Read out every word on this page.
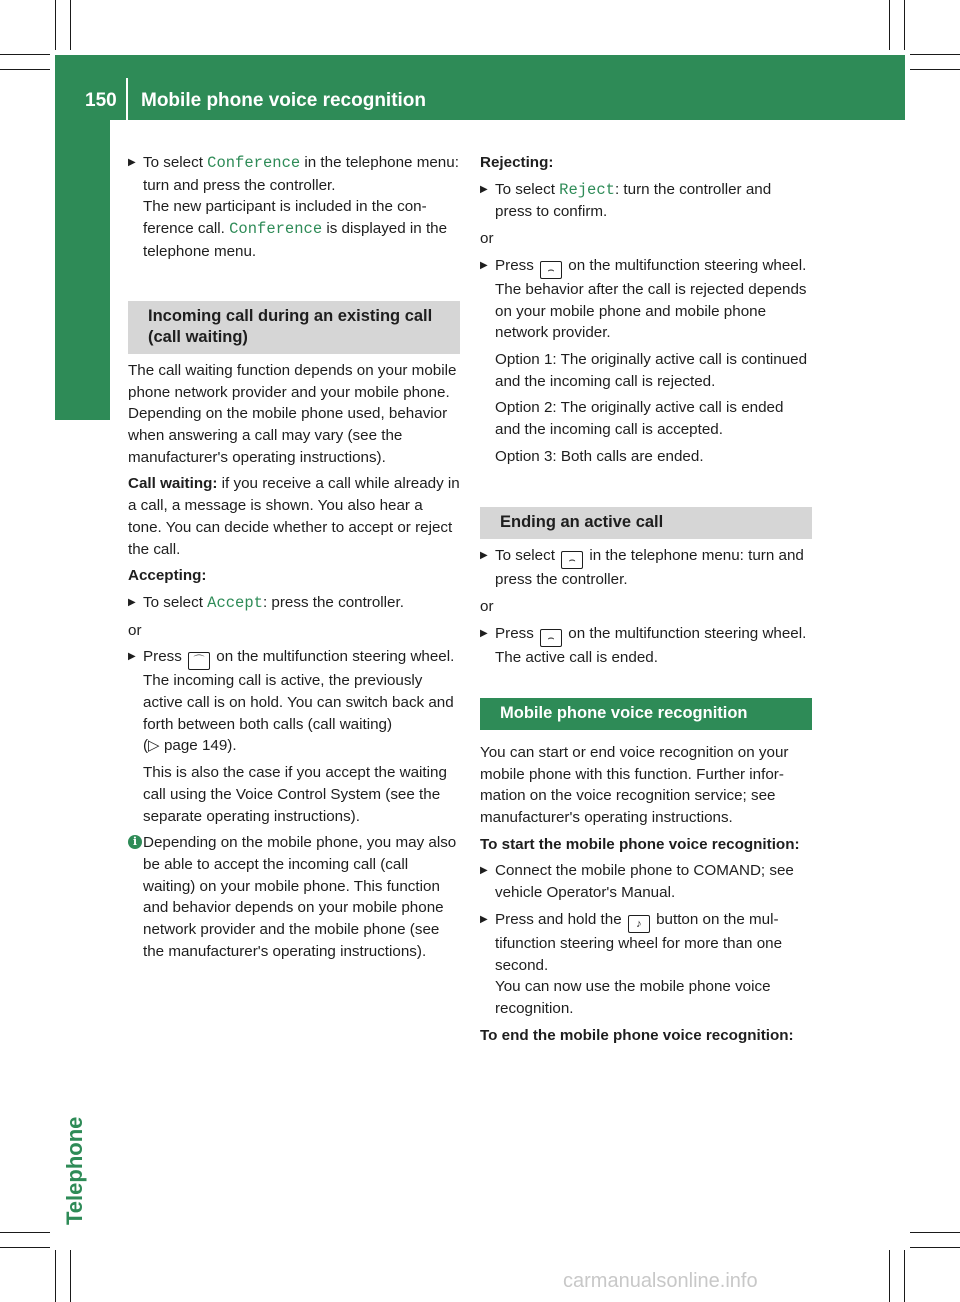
150 Mobile phone voice recognition
Telephone
▶ To select Conference in the telephone menu: turn and press the controller.
The new participant is included in the conference call. Conference is displayed in the telephone menu.
Incoming call during an existing call (call waiting)

The call waiting function depends on your mobile phone network provider and your mobile phone. Depending on the mobile phone used, behavior when answering a call may vary (see the manufacturer's operating instructions).

Call waiting: if you receive a call while already in a call, a message is shown. You also hear a tone. You can decide whether to accept or reject the call.

Accepting:

▶ To select Accept: press the controller.

or

▶ Press ⌒ on the multifunction steering wheel.
The incoming call is active, the previously active call is on hold. You can switch back and forth between both calls (call waiting)
(▷ page 149).
This is also the case if you accept the waiting call using the Voice Control System (see the separate operating instructions).
i Depending on the mobile phone, you may also be able to accept the incoming call (call waiting) on your mobile phone. This function and behavior depends on your mobile phone network provider and the mobile phone (see the manufacturer's operating instructions).

Rejecting:

▶ To select Reject: turn the controller and press to confirm.

or

▶ Press ⌢ on the multifunction steering wheel.
The behavior after the call is rejected depends on your mobile phone and mobile phone network provider.
Option 1: The originally active call is continued and the incoming call is rejected.
Option 2: The originally active call is ended and the incoming call is accepted.
Option 3: Both calls are ended.
Ending an active call
▶ To select ⌢ in the telephone menu: turn and press the controller.

or

▶ Press ⌢ on the multifunction steering wheel.
The active call is ended.
Mobile phone voice recognition

You can start or end voice recognition on your mobile phone with this function. Further information on the voice recognition service; see manufacturer's operating instructions.

To start the mobile phone voice recognition:

▶ Connect the mobile phone to COMAND; see vehicle Operator's Manual.
▶ Press and hold the ♪ button on the multifunction steering wheel for more than one second.
You can now use the mobile phone voice recognition.

To end the mobile phone voice recognition:

carmanualsonline.info
